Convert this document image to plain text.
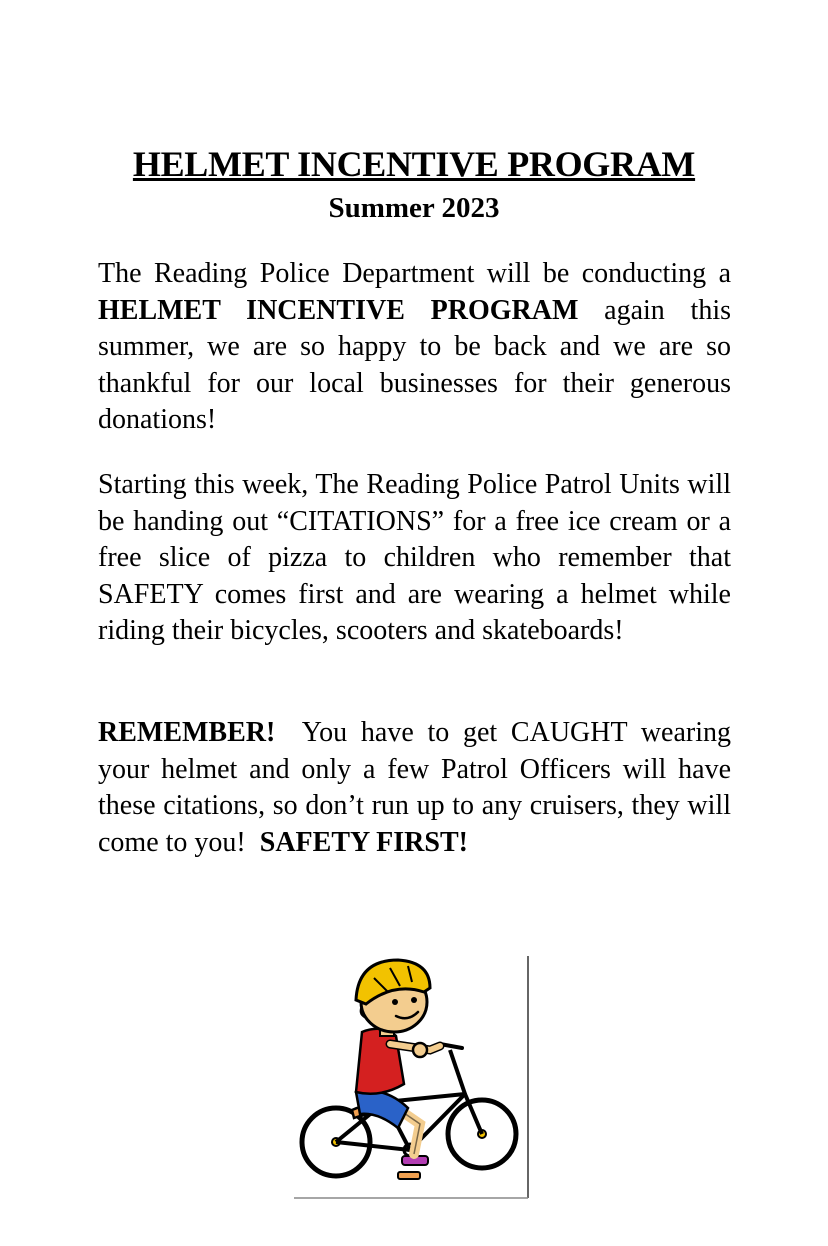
HELMET INCENTIVE PROGRAM
Summer 2023

The Reading Police Department will be conducting a HELMET INCENTIVE PROGRAM again this summer, we are so happy to be back and we are so thankful for our local businesses for their generous donations!

Starting this week, The Reading Police Patrol Units will be handing out “CITATIONS” for a free ice cream or a free slice of pizza to children who remember that SAFETY comes first and are wearing a helmet while riding their bicycles, scooters and skateboards!

REMEMBER!  You have to get CAUGHT wearing your helmet and only a few Patrol Officers will have these citations, so don’t run up to any cruisers, they will come to you!  SAFETY FIRST!
